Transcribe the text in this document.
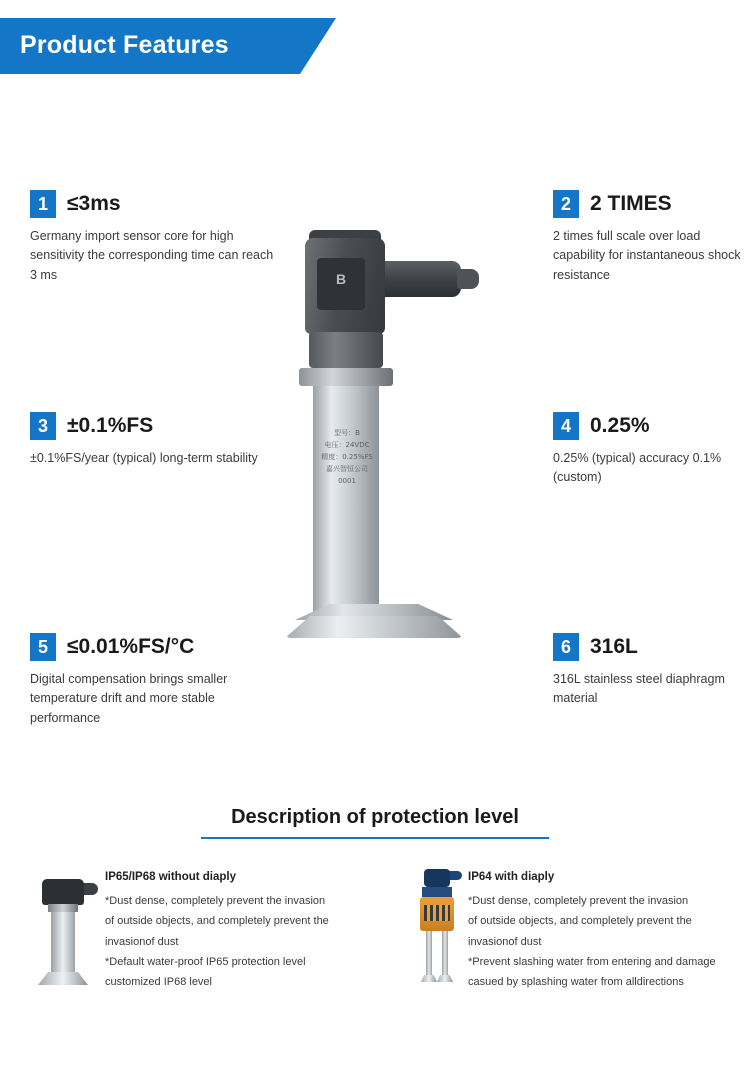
Product Features
B
型号：B
电压：24VDC
精度：0.25%FS
嘉兴智恒公司
0001
1 ≤3ms
Germany import sensor core for high sensitivity the corresponding time can reach 3 ms
2 2 TIMES
2 times full scale over load capability for instantaneous shock resistance
3 ±0.1%FS
±0.1%FS/year (typical) long-term stability
4 0.25%
0.25% (typical) accuracy 0.1% (custom)
5 ≤0.01%FS/°C
Digital compensation brings smaller temperature drift and more stable performance
6 316L
316L stainless steel diaphragm material
Description of protection level
IP65/IP68 without diaply
*Dust dense, completely prevent the invasion
of outside objects, and completely prevent the
invasionof dust
*Default water-proof IP65 protection level
customized IP68 level
IP64 with diaply
*Dust dense, completely prevent the invasion
of outside objects, and completely prevent the
invasionof dust
*Prevent slashing water from entering and damage
casued by splashing water from alldirections
